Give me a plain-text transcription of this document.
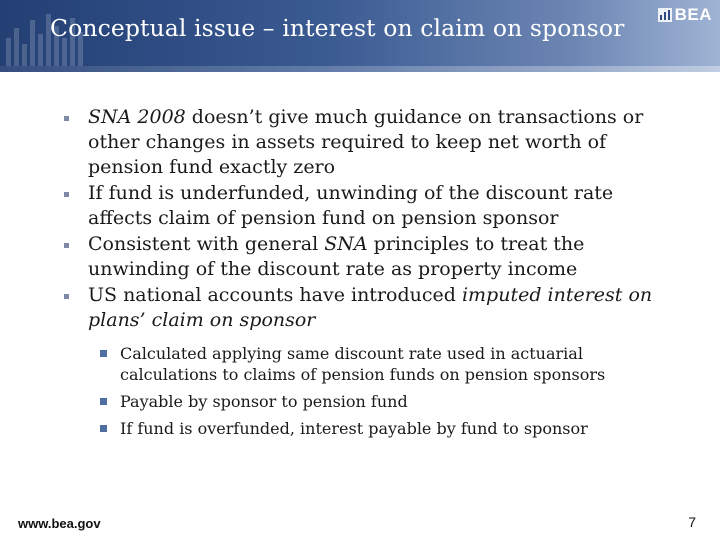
Conceptual issue – interest on claim on sponsor	BEA
SNA 2008 doesn’t give much guidance on transactions or other changes in assets required to keep net worth of pension fund exactly zero
If fund is underfunded, unwinding of the discount rate affects claim of pension fund on pension sponsor
Consistent with general SNA principles to treat the unwinding of the discount rate as property income
US national accounts have introduced imputed interest on plans’ claim on sponsor
Calculated applying same discount rate used in actuarial calculations to claims of pension funds on pension sponsors
Payable by sponsor to pension fund
If fund is overfunded, interest payable by fund to sponsor

www.bea.gov	7
